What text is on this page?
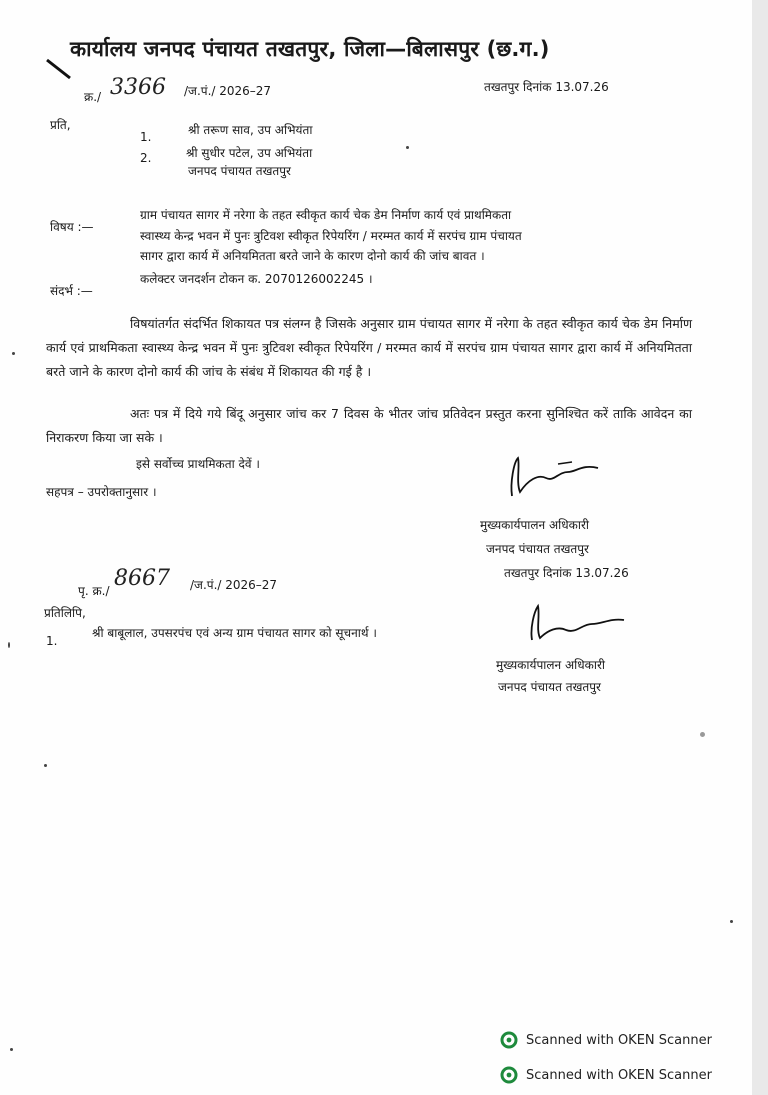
कार्यालय जनपद पंचायत तखतपुर, जिला—बिलासपुर (छ.ग.)
क्र./ 3366 /ज.पं./ 2026–27	तखतपुर दिनांक 13.07.26
प्रति,
1.	श्री तरूण साव, उप अभियंता
2.	श्री सुधीर पटेल, उप अभियंता
जनपद पंचायत तखतपुर
विषय :—
ग्राम पंचायत सागर में नरेगा के तहत स्वीकृत कार्य चेक डेम निर्माण कार्य एवं प्राथमिकता
स्वास्थ्य केन्द्र भवन में पुनः त्रुटिवश स्वीकृत रिपेयरिंग / मरम्मत कार्य में सरपंच ग्राम पंचायत
सागर द्वारा कार्य में अनियमितता बरते जाने के कारण दोनो कार्य की जांच बावत ।
संदर्भ :—
कलेक्टर जनदर्शन टोकन क. 2070126002245 ।
विषयांतर्गत संदर्भित शिकायत पत्र संलग्न है जिसके अनुसार ग्राम पंचायत सागर में नरेगा के तहत स्वीकृत कार्य चेक डेम निर्माण कार्य एवं प्राथमिकता स्वास्थ्य केन्द्र भवन में पुनः त्रुटिवश स्वीकृत रिपेयरिंग / मरम्मत कार्य में सरपंच ग्राम पंचायत सागर द्वारा कार्य में अनियमितता बरते जाने के कारण दोनो कार्य की जांच के संबंध में शिकायत की गई है ।
अतः पत्र में दिये गये बिंदू अनुसार जांच कर 7 दिवस के भीतर जांच प्रतिवेदन प्रस्तुत करना सुनिश्चित करें ताकि आवेदन का निराकरण किया जा सके ।
इसे सर्वोच्च प्राथमिकता देवें ।
सहपत्र – उपरोक्तानुसार ।
मुख्यकार्यपालन अधिकारी
जनपद पंचायत तखतपुर
तखतपुर दिनांक 13.07.26
पृ. क्र./ 8667 /ज.पं./ 2026–27
प्रतिलिपि,
1.
श्री बाबूलाल, उपसरपंच एवं अन्य ग्राम पंचायत सागर को सूचनार्थ ।
मुख्यकार्यपालन अधिकारी
जनपद पंचायत तखतपुर
Scanned with OKEN Scanner
Scanned with OKEN Scanner
